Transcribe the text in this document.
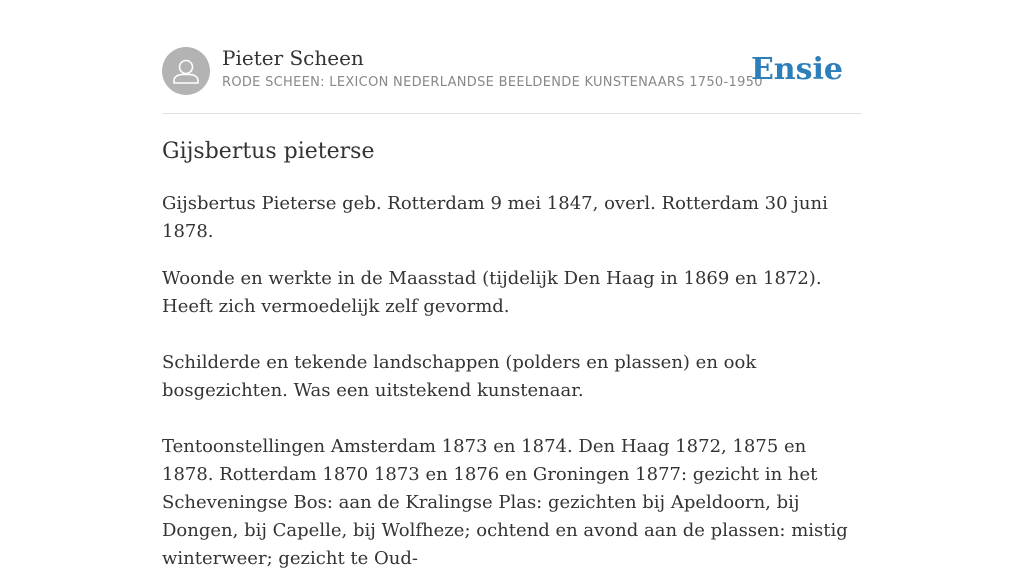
Pieter Scheen
RODE SCHEEN: LEXICON NEDERLANDSE BEELDENDE KUNSTENAARS 1750-1950
Ensie
Gijsbertus pieterse

Gijsbertus Pieterse geb. Rotterdam 9 mei 1847, overl. Rotterdam 30 juni 1878.

Woonde en werkte in de Maasstad (tijdelijk Den Haag in 1869 en 1872). Heeft zich vermoedelijk zelf gevormd.

Schilderde en tekende landschappen (polders en plassen) en ook bosgezichten. Was een uitstekend kunstenaar.

Tentoonstellingen Amsterdam 1873 en 1874. Den Haag 1872, 1875 en 1878. Rotterdam 1870 1873 en 1876 en Groningen 1877: gezicht in het Scheveningse Bos: aan de Kralingse Plas: gezichten bij Apeldoorn, bij Dongen, bij Capelle, bij Wolfheze; ochtend en avond aan de plassen: mistig winterweer; gezicht te Oud-
